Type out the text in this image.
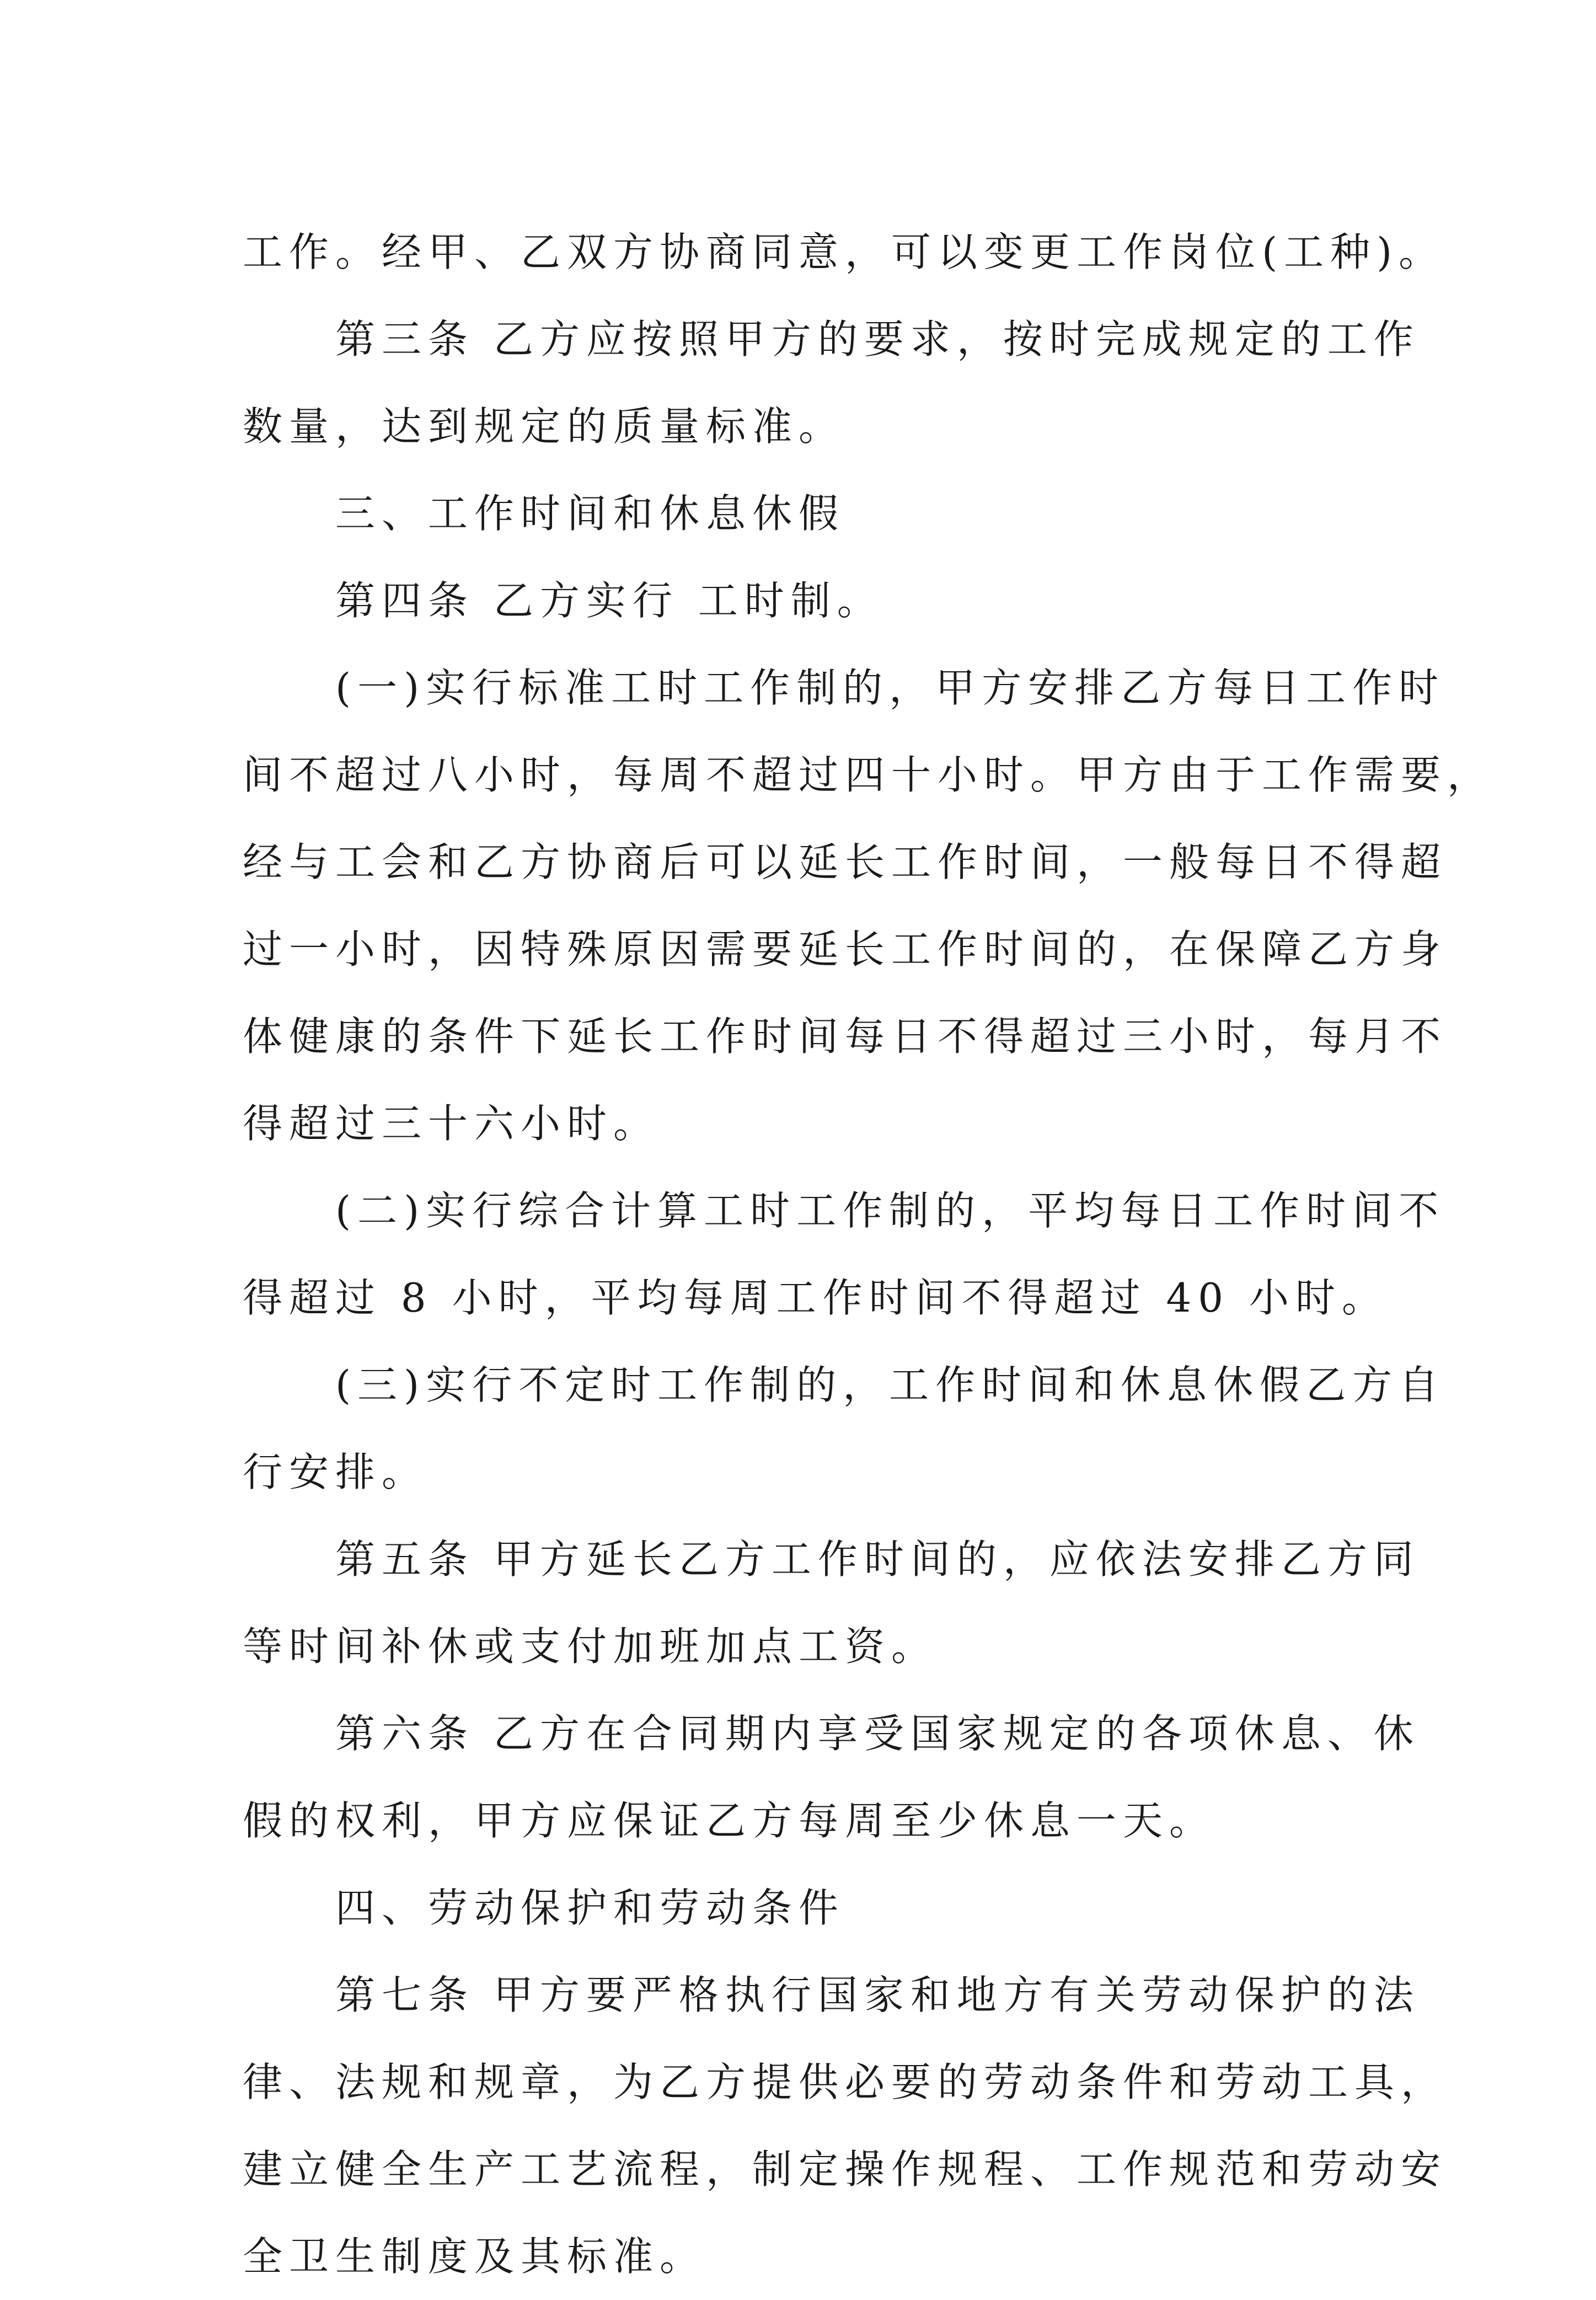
工作。经甲、乙双方协商同意，可以变更工作岗位(工种)。
第三条 乙方应按照甲方的要求，按时完成规定的工作
数量，达到规定的质量标准。
三、工作时间和休息休假
第四条 乙方实行 工时制。
(一)实行标准工时工作制的，甲方安排乙方每日工作时
间不超过八小时，每周不超过四十小时。甲方由于工作需要，
经与工会和乙方协商后可以延长工作时间，一般每日不得超
过一小时，因特殊原因需要延长工作时间的，在保障乙方身
体健康的条件下延长工作时间每日不得超过三小时，每月不
得超过三十六小时。
(二)实行综合计算工时工作制的，平均每日工作时间不
得超过 8 小时，平均每周工作时间不得超过 40 小时。
(三)实行不定时工作制的，工作时间和休息休假乙方自
行安排。
第五条 甲方延长乙方工作时间的，应依法安排乙方同
等时间补休或支付加班加点工资。
第六条 乙方在合同期内享受国家规定的各项休息、休
假的权利，甲方应保证乙方每周至少休息一天。
四、劳动保护和劳动条件
第七条 甲方要严格执行国家和地方有关劳动保护的法
律、法规和规章，为乙方提供必要的劳动条件和劳动工具，
建立健全生产工艺流程，制定操作规程、工作规范和劳动安
全卫生制度及其标准。
